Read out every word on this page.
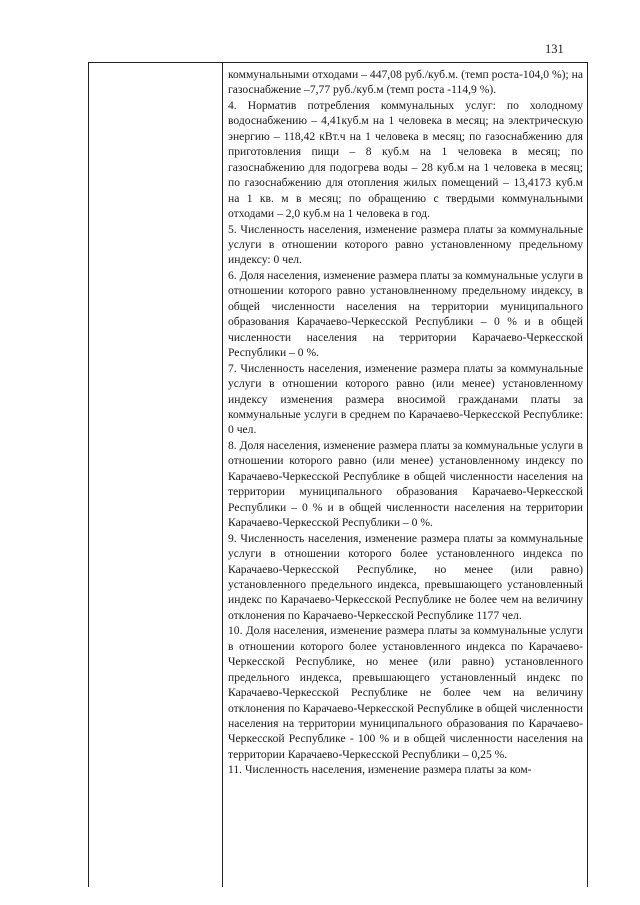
131

коммунальными отходами – 447,08 руб./куб.м. (темп роста-104,0 %); на газоснабжение –7,77 руб./куб.м (темп роста -114,9 %).

4. Норматив потребления коммунальных услуг: по холодному водоснабжению – 4,41куб.м на 1 человека в месяц; на электрическую энергию – 118,42 кВт.ч на 1 человека в месяц; по газоснабжению для приготовления пищи – 8 куб.м на 1 человека в месяц; по газоснабжению для подогрева воды – 28 куб.м на 1 человека в месяц; по газоснабжению для отопления жилых помещений – 13,4173 куб.м на 1 кв. м в месяц; по обращению с твердыми коммунальными отходами – 2,0 куб.м на 1 человека в год.

5. Численность населения, изменение размера платы за коммунальные услуги в отношении которого равно установленному предельному индексу: 0 чел.

6. Доля населения, изменение размера платы за коммунальные услуги в отношении которого равно установлненному предельному индексу, в общей численности населения на территории муниципального образования Карачаево-Черкесской Республики – 0 % и в общей численности населения на территории Карачаево-Черкесской Республики – 0 %.

7. Численность населения, изменение размера платы за коммунальные услуги в отношении которого равно (или менее) установленному индексу изменения размера вносимой гражданами платы за коммунальные услуги в среднем по Карачаево-Черкесской Республике: 0 чел.

8. Доля населения, изменение размера платы за коммунальные услуги в отношении которого равно (или менее) установленному индексу по Карачаево-Черкесской Республике в общей численности населения на территории муниципального образования Карачаево-Черкесской Республики – 0 % и в общей численности населения на территории Карачаево-Черкесской Республики – 0 %.

9. Численность населения, изменение размера платы за коммунальные услуги в отношении которого более установленного индекса по Карачаево-Черкесской Республике, но менее (или равно) установленного предельного индекса, превышающего установленный индекс по Карачаево-Черкесской Республике не более чем на величину отклонения по Карачаево-Черкесской Республике 1177 чел.

10. Доля населения, изменение размера платы за коммунальные услуги в отношении которого более установленного индекса по Карачаево-Черкесской Республике, но менее (или равно) установленного предельного индекса, превышающего установленный индекс по Карачаево-Черкесской Республике не более чем на величину отклонения по Карачаево-Черкесской Республике в общей численности населения на территории муниципального образования по Карачаево-Черкесской Республике - 100 % и в общей численности населения на территории Карачаево-Черкесской Республики – 0,25 %.

11. Численность населения, изменение размера платы за ком-
